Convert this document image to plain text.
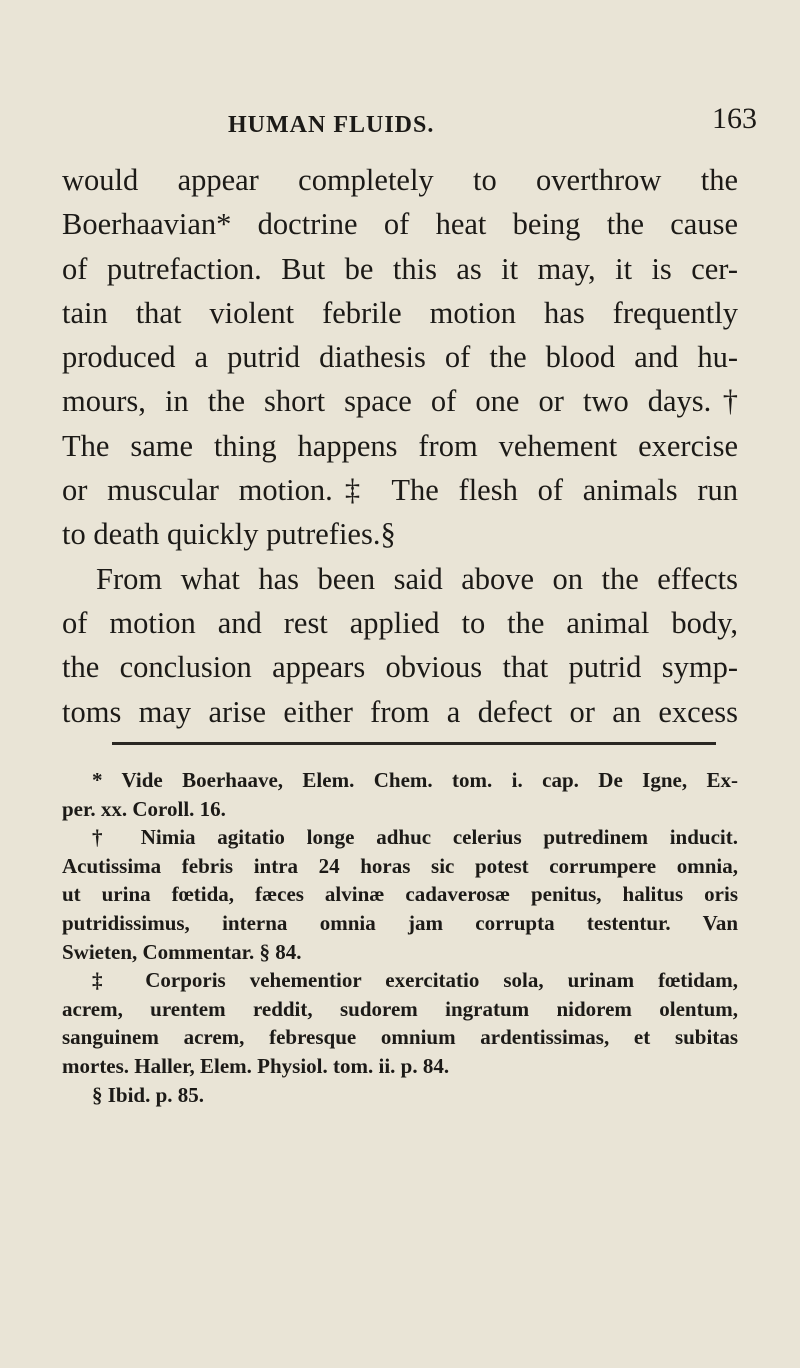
HUMAN FLUIDS.	163
would appear completely to overthrow the
Boerhaavian* doctrine of heat being the cause
of putrefaction. But be this as it may, it is cer-
tain that violent febrile motion has frequently
produced a putrid diathesis of the blood and hu-
mours, in the short space of one or two days.†
The same thing happens from vehement exercise
or muscular motion.‡ The flesh of animals run
to death quickly putrefies.§
From what has been said above on the effects
of motion and rest applied to the animal body,
the conclusion appears obvious that putrid symp-
toms may arise either from a defect or an excess
* Vide Boerhaave, Elem. Chem. tom. i. cap. De Igne, Ex-
per. xx. Coroll. 16.
† Nimia agitatio longe adhuc celerius putredinem inducit.
Acutissima febris intra 24 horas sic potest corrumpere omnia,
ut urina fœtida, fæces alvinæ cadaverosæ penitus, halitus oris
putridissimus, interna omnia jam corrupta testentur. Van
Swieten, Commentar. § 84.
‡ Corporis vehementior exercitatio sola, urinam fœtidam,
acrem, urentem reddit, sudorem ingratum nidorem olentum,
sanguinem acrem, febresque omnium ardentissimas, et subitas
mortes. Haller, Elem. Physiol. tom. ii. p. 84.
§ Ibid. p. 85.
